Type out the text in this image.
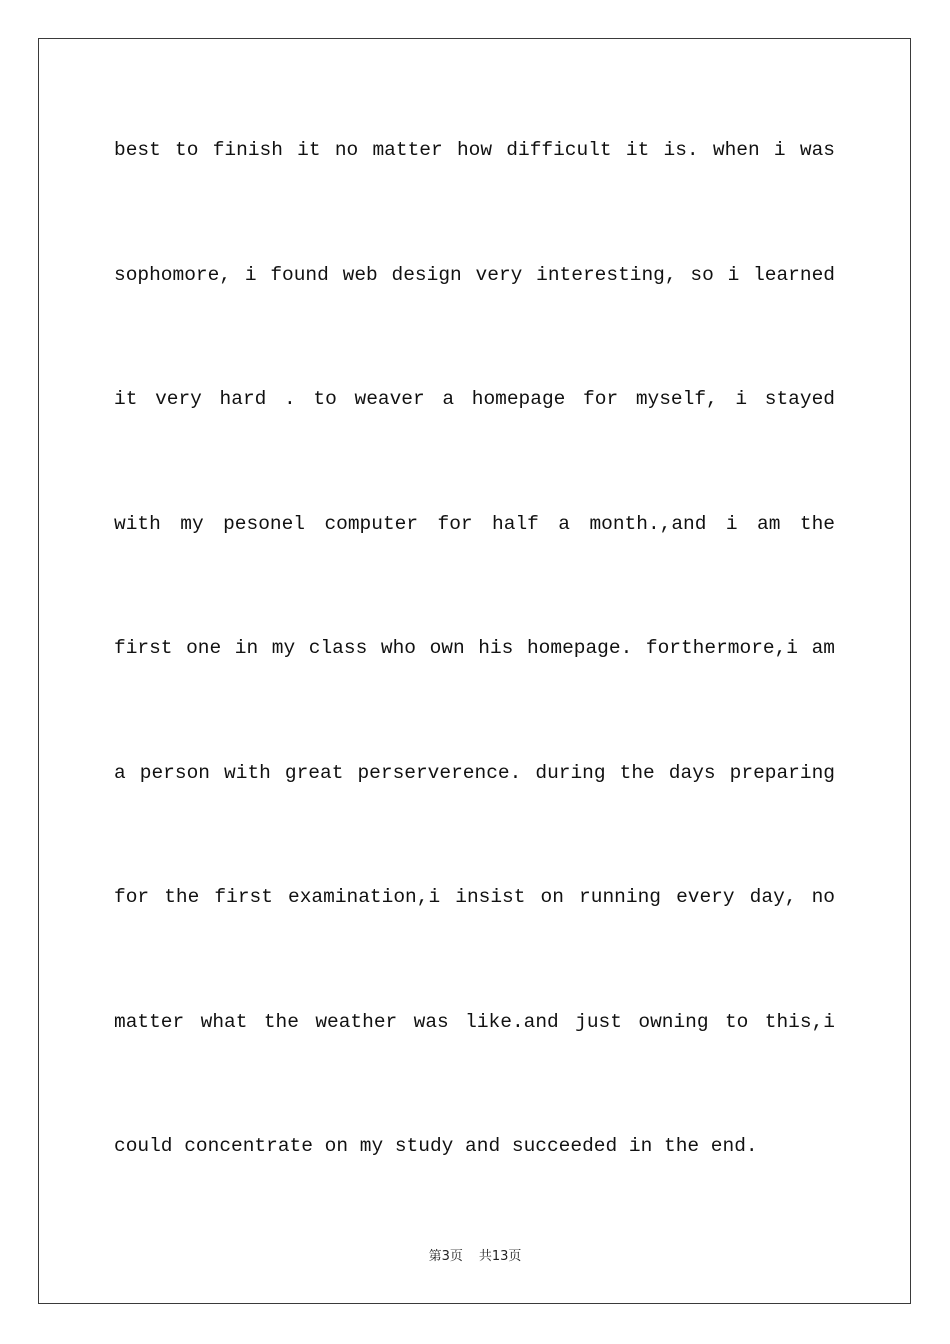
best to finish it no matter how difficult it is. when i was
sophomore, i found web design very interesting, so i learned
it very hard . to weaver a homepage for myself, i stayed
with my pesonel computer for half a month.,and i am the
first one in my class who own his homepage. forthermore,i am
a person with great perserverence. during the days preparing
for the first examination,i insist on running every day, no
matter what the weather was like.and just owning to this,i
could concentrate on my study and succeeded in the end.
第3页 共13页
